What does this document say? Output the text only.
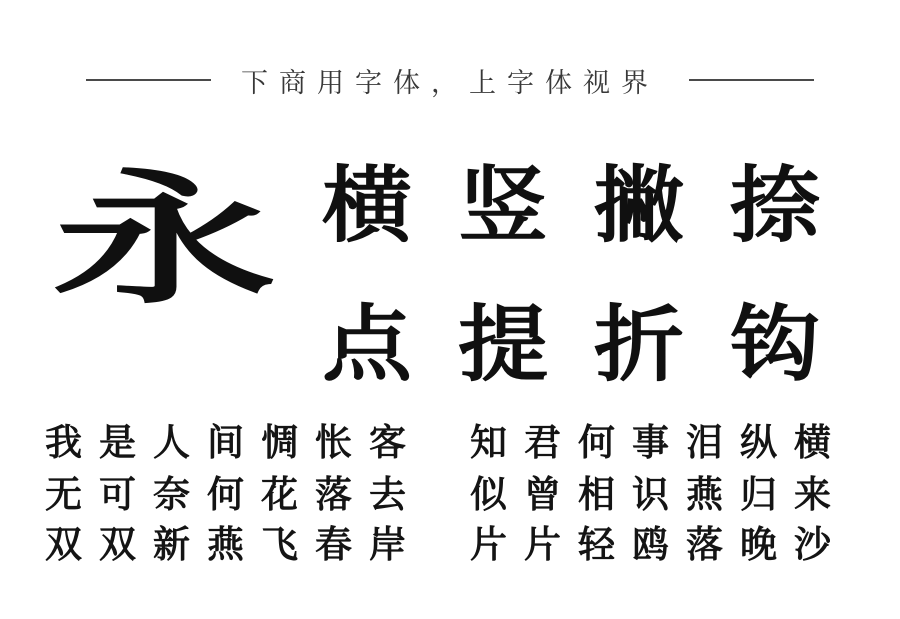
下商用字体，上字体视界
永 横竖撇捺
点提折钩
我是人间惆怅客 知君何事泪纵横
无可奈何花落去 似曾相识燕归来
双双新燕飞春岸 片片轻鸥落晚沙
